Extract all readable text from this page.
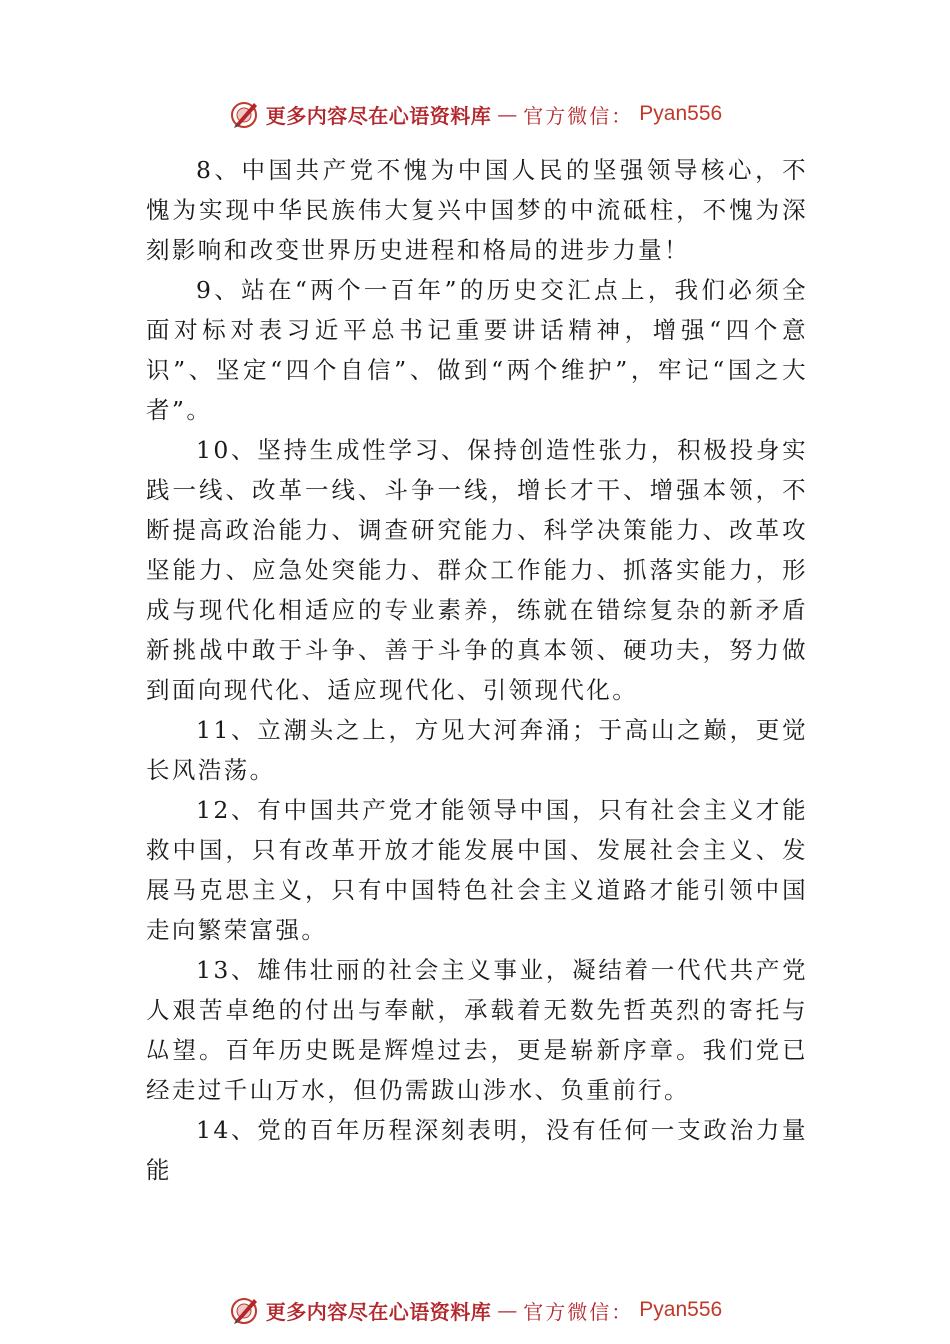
更多内容尽在心语资料库 — 官方微信： Pyan556

8、中国共产党不愧为中国人民的坚强领导核心，不愧为实现中华民族伟大复兴中国梦的中流砥柱，不愧为深刻影响和改变世界历史进程和格局的进步力量！

9、站在“两个一百年”的历史交汇点上，我们必须全面对标对表习近平总书记重要讲话精神，增强“四个意识”、坚定“四个自信”、做到“两个维护”，牢记“国之大者”。

10、坚持生成性学习、保持创造性张力，积极投身实践一线、改革一线、斗争一线，增长才干、增强本领，不断提高政治能力、调查研究能力、科学决策能力、改革攻坚能力、应急处突能力、群众工作能力、抓落实能力，形成与现代化相适应的专业素养，练就在错综复杂的新矛盾新挑战中敢于斗争、善于斗争的真本领、硬功夫，努力做到面向现代化、适应现代化、引领现代化。

11、立潮头之上，方见大河奔涌；于高山之巅，更觉长风浩荡。

12、有中国共产党才能领导中国，只有社会主义才能救中国，只有改革开放才能发展中国、发展社会主义、发展马克思主义，只有中国特色社会主义道路才能引领中国走向繁荣富强。

13、雄伟壮丽的社会主义事业，凝结着一代代共产党人艰苦卓绝的付出与奉献，承载着无数先哲英烈的寄托与厸望。百年历史既是辉煌过去，更是崭新序章。我们党已经走过千山万水，但仍需跋山涉水、负重前行。

14、党的百年历程深刻表明，没有任何一支政治力量能

更多内容尽在心语资料库 — 官方微信： Pyan556
